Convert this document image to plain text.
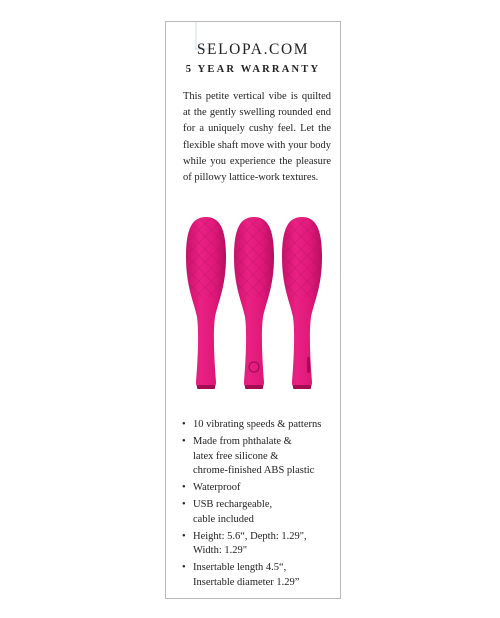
SELOPA.COM
5 YEAR WARRANTY

This petite vertical vibe is quilted at the gently swelling rounded end for a uniquely cushy feel. Let the flexible shaft move with your body while you experience the pleasure of pillowy lattice-work textures.

• 10 vibrating speeds & patterns
• Made from phthalate &
latex free silicone &
chrome-finished ABS plastic
• Waterproof
• USB rechargeable,
cable included
• Height: 5.6“, Depth: 1.29",
Width: 1.29"
• Insertable length 4.5“,
Insertable diameter 1.29”
